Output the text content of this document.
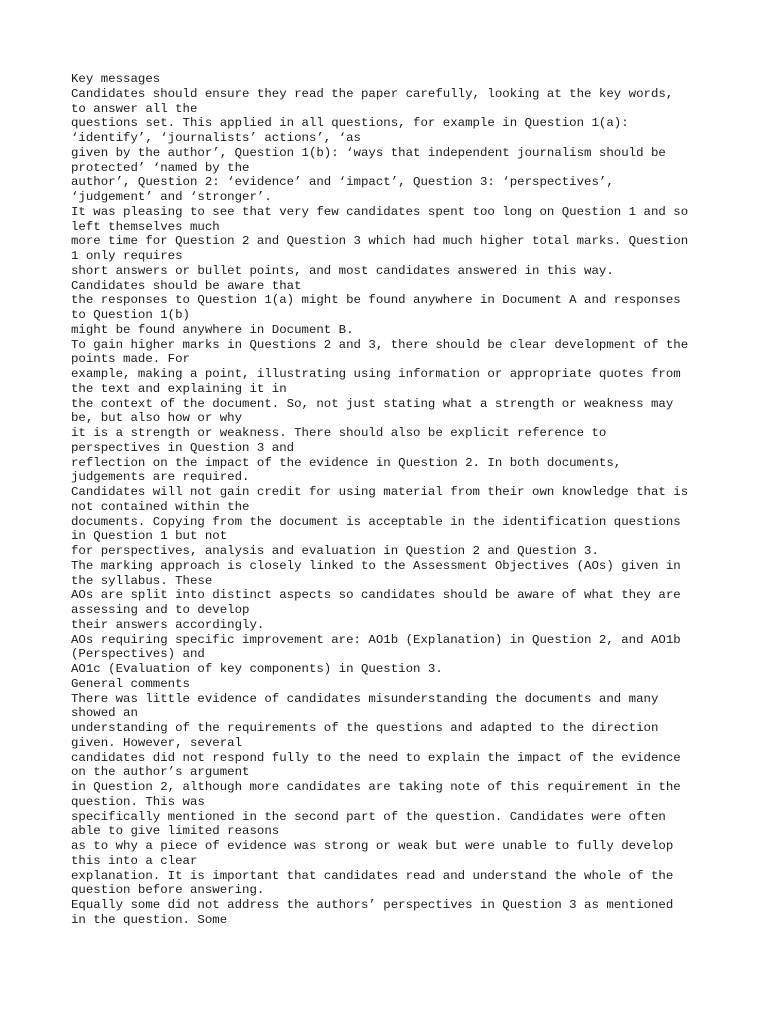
Key messages
Candidates should ensure they read the paper carefully, looking at the key words,
to answer all the
questions set. This applied in all questions, for example in Question 1(a):
‘identify’, ‘journalists’ actions’, ‘as
given by the author’, Question 1(b): ‘ways that independent journalism should be
protected’ ‘named by the
author’, Question 2: ‘evidence’ and ‘impact’, Question 3: ‘perspectives’,
‘judgement’ and ‘stronger’.
It was pleasing to see that very few candidates spent too long on Question 1 and so
left themselves much
more time for Question 2 and Question 3 which had much higher total marks. Question
1 only requires
short answers or bullet points, and most candidates answered in this way.
Candidates should be aware that
the responses to Question 1(a) might be found anywhere in Document A and responses
to Question 1(b)
might be found anywhere in Document B.
To gain higher marks in Questions 2 and 3, there should be clear development of the
points made. For
example, making a point, illustrating using information or appropriate quotes from
the text and explaining it in
the context of the document. So, not just stating what a strength or weakness may
be, but also how or why
it is a strength or weakness. There should also be explicit reference to
perspectives in Question 3 and
reflection on the impact of the evidence in Question 2. In both documents,
judgements are required.
Candidates will not gain credit for using material from their own knowledge that is
not contained within the
documents. Copying from the document is acceptable in the identification questions
in Question 1 but not
for perspectives, analysis and evaluation in Question 2 and Question 3.
The marking approach is closely linked to the Assessment Objectives (AOs) given in
the syllabus. These
AOs are split into distinct aspects so candidates should be aware of what they are
assessing and to develop
their answers accordingly.
AOs requiring specific improvement are: AO1b (Explanation) in Question 2, and AO1b
(Perspectives) and
AO1c (Evaluation of key components) in Question 3.
General comments
There was little evidence of candidates misunderstanding the documents and many
showed an
understanding of the requirements of the questions and adapted to the direction
given. However, several
candidates did not respond fully to the need to explain the impact of the evidence
on the author’s argument
in Question 2, although more candidates are taking note of this requirement in the
question. This was
specifically mentioned in the second part of the question. Candidates were often
able to give limited reasons
as to why a piece of evidence was strong or weak but were unable to fully develop
this into a clear
explanation. It is important that candidates read and understand the whole of the
question before answering.
Equally some did not address the authors’ perspectives in Question 3 as mentioned
in the question. Some
